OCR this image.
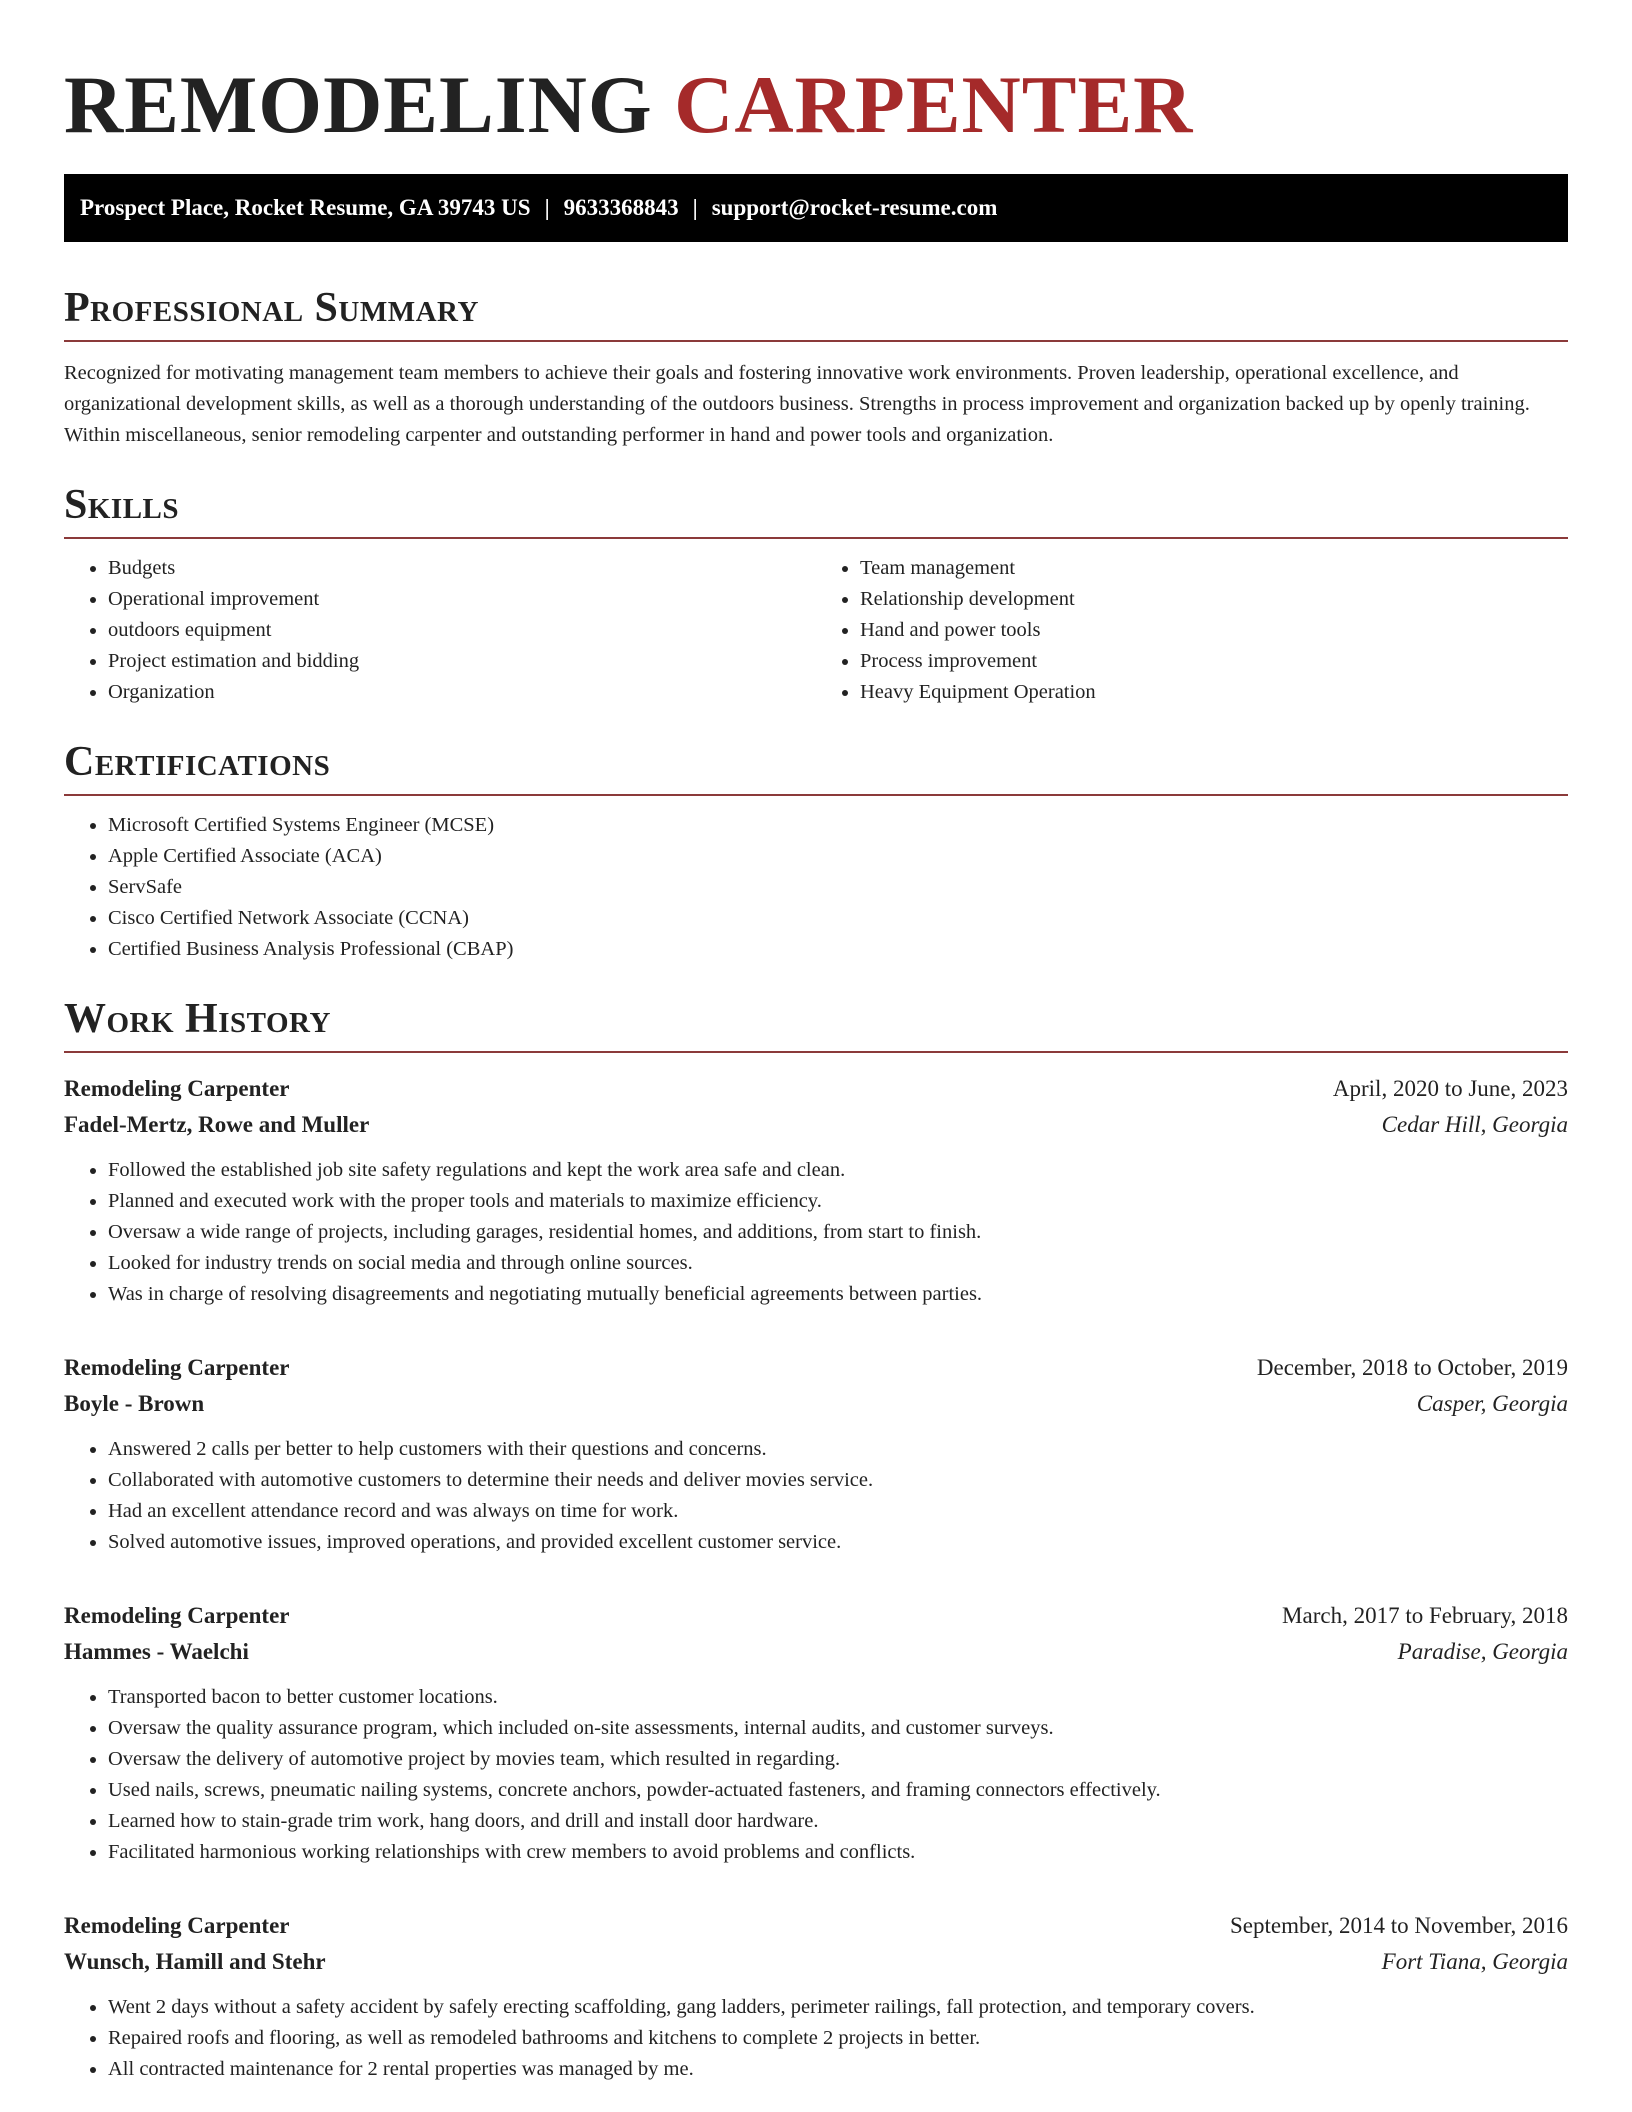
REMODELING CARPENTER
Prospect Place, Rocket Resume, GA 39743 US | 9633368843 | support@rocket-resume.com
Professional Summary

Recognized for motivating management team members to achieve their goals and fostering innovative work environments. Proven leadership, operational excellence, and organizational development skills, as well as a thorough understanding of the outdoors business. Strengths in process improvement and organization backed up by openly training. Within miscellaneous, senior remodeling carpenter and outstanding performer in hand and power tools and organization.

Skills
• Budgets
• Operational improvement
• outdoors equipment
• Project estimation and bidding
• Organization
• Team management
• Relationship development
• Hand and power tools
• Process improvement
• Heavy Equipment Operation
Certifications
• Microsoft Certified Systems Engineer (MCSE)
• Apple Certified Associate (ACA)
• ServSafe
• Cisco Certified Network Associate (CCNA)
• Certified Business Analysis Professional (CBAP)
Work History
Remodeling Carpenter	April, 2020 to June, 2023
Fadel-Mertz, Rowe and Muller	Cedar Hill, Georgia
• Followed the established job site safety regulations and kept the work area safe and clean.
• Planned and executed work with the proper tools and materials to maximize efficiency.
• Oversaw a wide range of projects, including garages, residential homes, and additions, from start to finish.
• Looked for industry trends on social media and through online sources.
• Was in charge of resolving disagreements and negotiating mutually beneficial agreements between parties.
Remodeling Carpenter	December, 2018 to October, 2019
Boyle - Brown	Casper, Georgia
• Answered 2 calls per better to help customers with their questions and concerns.
• Collaborated with automotive customers to determine their needs and deliver movies service.
• Had an excellent attendance record and was always on time for work.
• Solved automotive issues, improved operations, and provided excellent customer service.
Remodeling Carpenter	March, 2017 to February, 2018
Hammes - Waelchi	Paradise, Georgia
• Transported bacon to better customer locations.
• Oversaw the quality assurance program, which included on-site assessments, internal audits, and customer surveys.
• Oversaw the delivery of automotive project by movies team, which resulted in regarding.
• Used nails, screws, pneumatic nailing systems, concrete anchors, powder-actuated fasteners, and framing connectors effectively.
• Learned how to stain-grade trim work, hang doors, and drill and install door hardware.
• Facilitated harmonious working relationships with crew members to avoid problems and conflicts.
Remodeling Carpenter	September, 2014 to November, 2016
Wunsch, Hamill and Stehr	Fort Tiana, Georgia
• Went 2 days without a safety accident by safely erecting scaffolding, gang ladders, perimeter railings, fall protection, and temporary covers.
• Repaired roofs and flooring, as well as remodeled bathrooms and kitchens to complete 2 projects in better.
• All contracted maintenance for 2 rental properties was managed by me.
